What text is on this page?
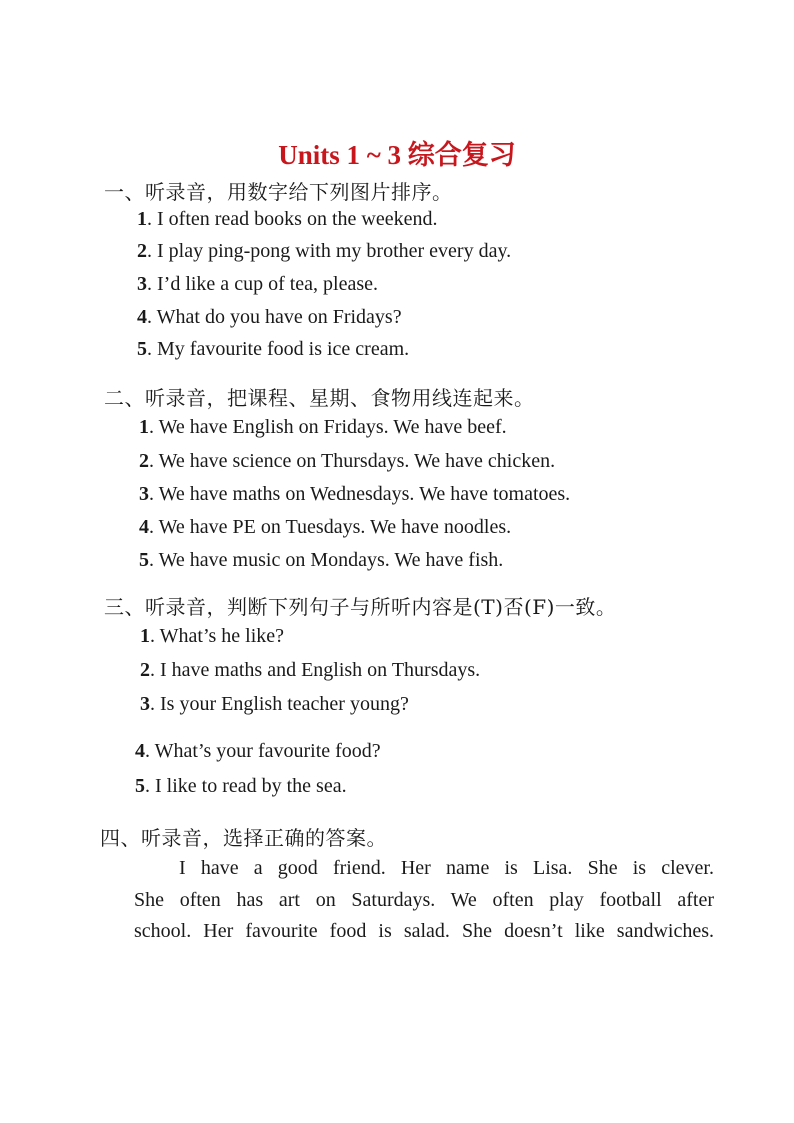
Units 1 ~ 3 综合复习
一、听录音，用数字给下列图片排序。
1. I often read books on the weekend.
2. I play ping-pong with my brother every day.
3. I’d like a cup of tea, please.
4. What do you have on Fridays?
5. My favourite food is ice cream.
二、听录音，把课程、星期、食物用线连起来。
1. We have English on Fridays. We have beef.
2. We have science on Thursdays. We have chicken.
3. We have maths on Wednesdays. We have tomatoes.
4. We have PE on Tuesdays. We have noodles.
5. We have music on Mondays. We have fish.
三、听录音，判断下列句子与所听内容是(T)否(F)一致。
1. What’s he like?
2. I have maths and English on Thursdays.
3. Is your English teacher young?
4. What’s your favourite food?
5. I like to read by the sea.
四、听录音，选择正确的答案。
I have a good friend. Her name is Lisa. She is clever.
She often has art on Saturdays. We often play football after
school. Her favourite food is salad. She doesn’t like sandwiches.
